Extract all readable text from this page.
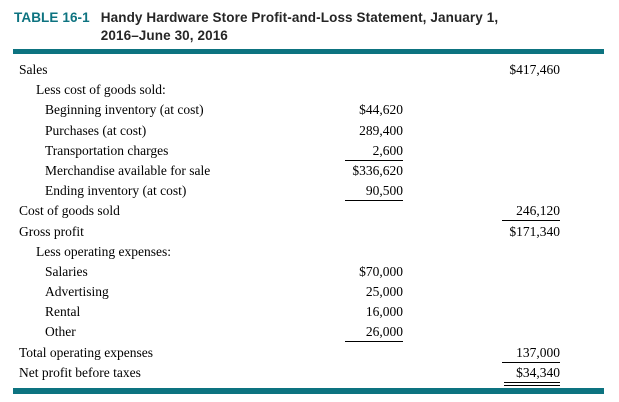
TABLE 16-1 Handy Hardware Store Profit-and-Loss Statement, January 1,
2016–June 30, 2016
Sales	$417,460
Less cost of goods sold:
Beginning inventory (at cost)	$44,620
Purchases (at cost)	289,400
Transportation charges	2,600
Merchandise available for sale	$336,620
Ending inventory (at cost)	90,500
Cost of goods sold	246,120
Gross profit	$171,340
Less operating expenses:
Salaries	$70,000
Advertising	25,000
Rental	16,000
Other	26,000
Total operating expenses	137,000
Net profit before taxes	$34,340
